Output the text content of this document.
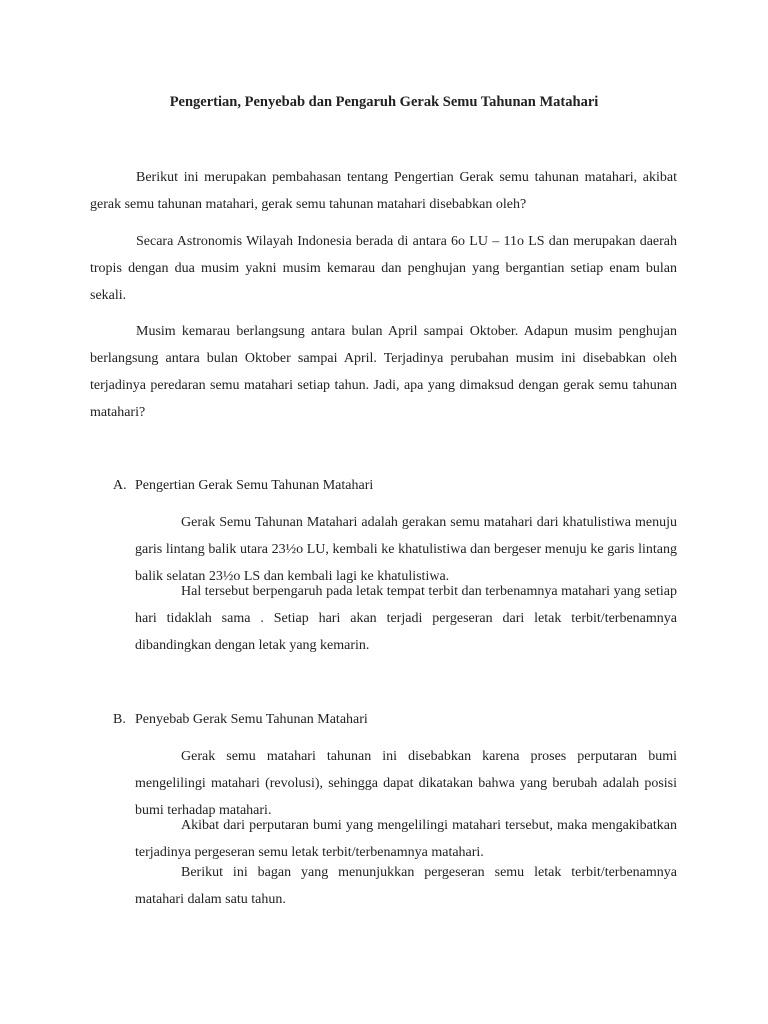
Pengertian, Penyebab dan Pengaruh Gerak Semu Tahunan Matahari

Berikut ini merupakan pembahasan tentang Pengertian Gerak semu tahunan matahari, akibat gerak semu tahunan matahari, gerak semu tahunan matahari disebabkan oleh?

Secara Astronomis Wilayah Indonesia berada di antara 6o LU – 11o LS dan merupakan daerah tropis dengan dua musim yakni musim kemarau dan penghujan yang bergantian setiap enam bulan sekali.

Musim kemarau berlangsung antara bulan April sampai Oktober. Adapun musim penghujan berlangsung antara bulan Oktober sampai April. Terjadinya perubahan musim ini disebabkan oleh terjadinya peredaran semu matahari setiap tahun. Jadi, apa yang dimaksud dengan gerak semu tahunan matahari?

A. Pengertian Gerak Semu Tahunan Matahari

Gerak Semu Tahunan Matahari adalah gerakan semu matahari dari khatulistiwa menuju garis lintang balik utara 23½o LU, kembali ke khatulistiwa dan bergeser menuju ke garis lintang balik selatan 23½o LS dan kembali lagi ke khatulistiwa.

Hal tersebut berpengaruh pada letak tempat terbit dan terbenamnya matahari yang setiap hari tidaklah sama . Setiap hari akan terjadi pergeseran dari letak terbit/terbenamnya dibandingkan dengan letak yang kemarin.

B. Penyebab Gerak Semu Tahunan Matahari

Gerak semu matahari tahunan ini disebabkan karena proses perputaran bumi mengelilingi matahari (revolusi), sehingga dapat dikatakan bahwa yang berubah adalah posisi bumi terhadap matahari.

Akibat dari perputaran bumi yang mengelilingi matahari tersebut, maka mengakibatkan terjadinya pergeseran semu letak terbit/terbenamnya matahari.

Berikut ini bagan yang menunjukkan pergeseran semu letak terbit/terbenamnya matahari dalam satu tahun.
